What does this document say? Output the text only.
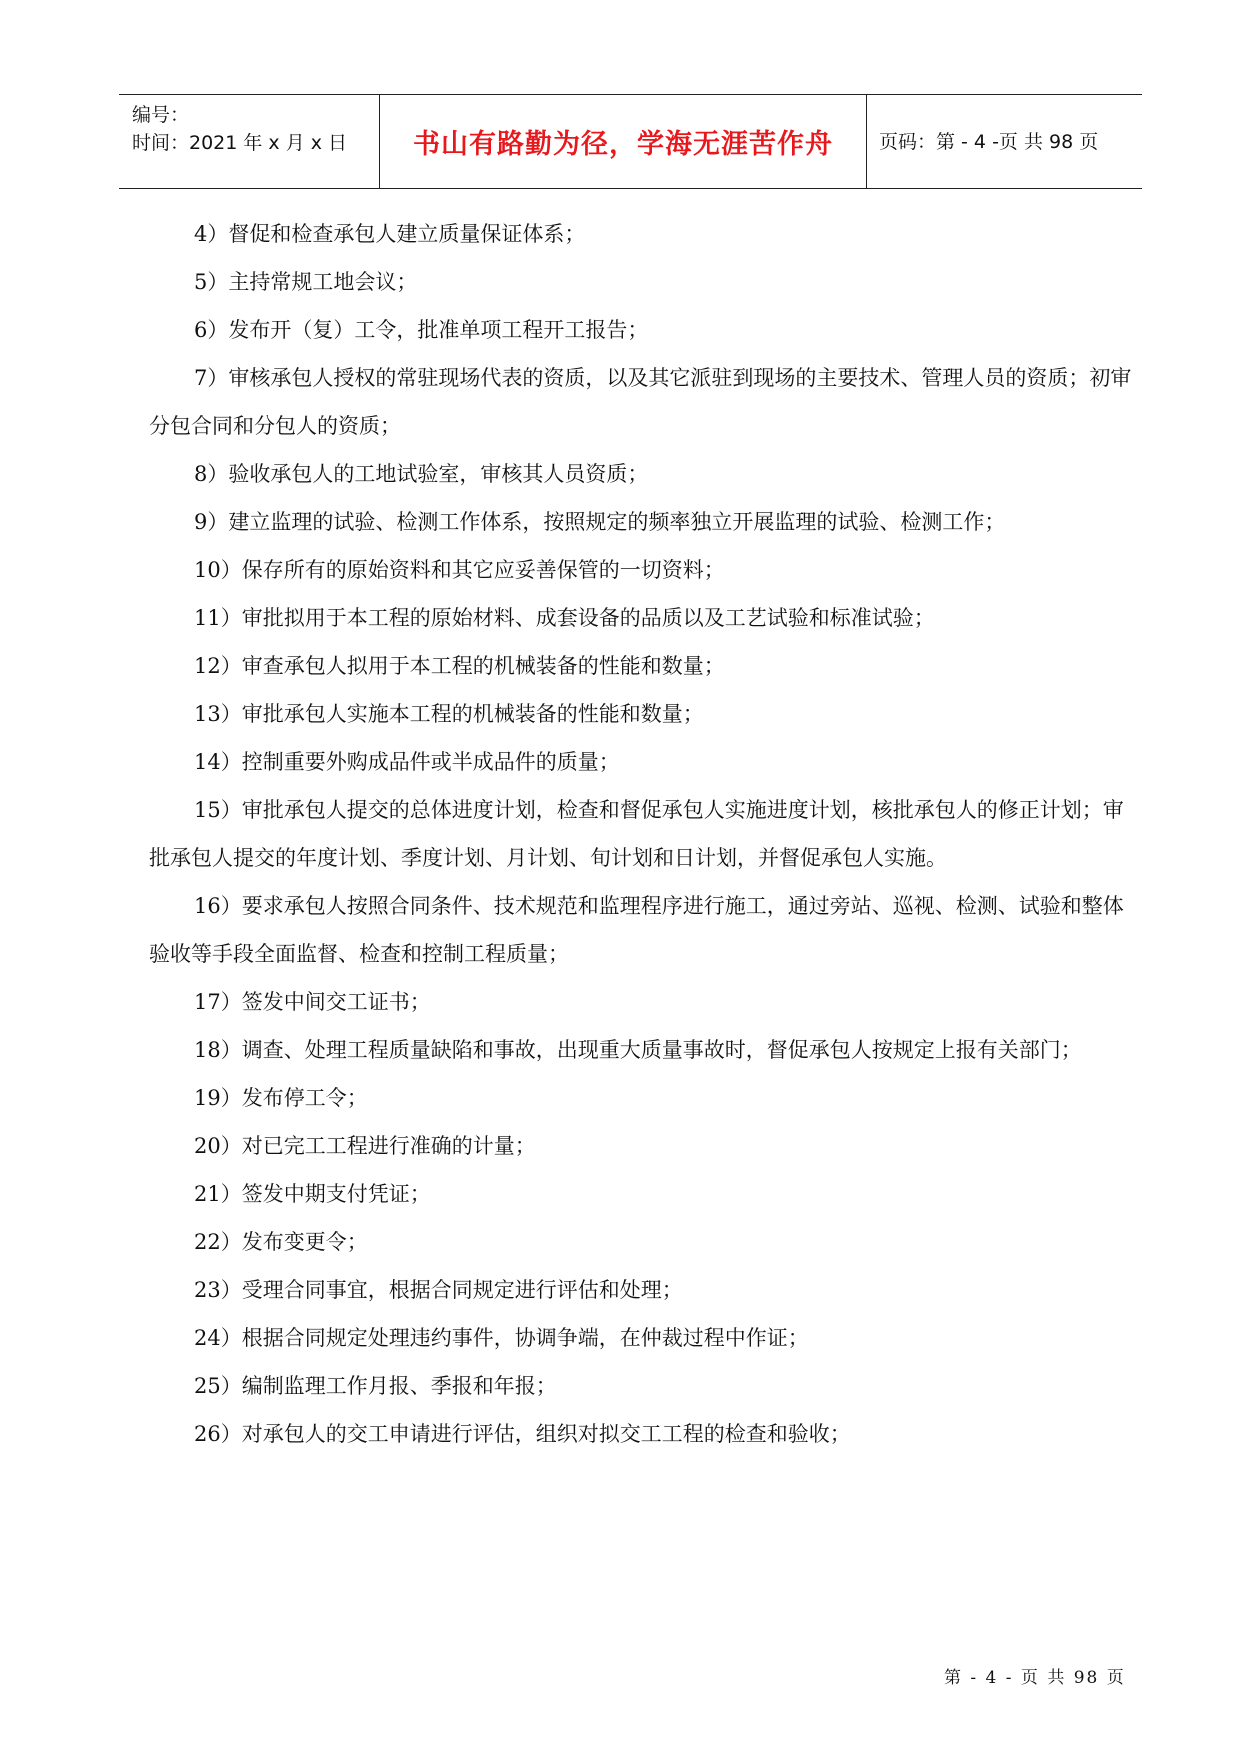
编号：
时间：2021 年 x 月 x 日	书山有路勤为径，学海无涯苦作舟 页码：第 - 4 -页 共 98 页

4）督促和检查承包人建立质量保证体系；

5）主持常规工地会议；

6）发布开（复）工令，批准单项工程开工报告；

7）审核承包人授权的常驻现场代表的资质，以及其它派驻到现场的主要技术、管理人员的资质；初审分包合同和分包人的资质；

8）验收承包人的工地试验室，审核其人员资质；

9）建立监理的试验、检测工作体系，按照规定的频率独立开展监理的试验、检测工作；

10）保存所有的原始资料和其它应妥善保管的一切资料；

11）审批拟用于本工程的原始材料、成套设备的品质以及工艺试验和标准试验；

12）审查承包人拟用于本工程的机械装备的性能和数量；

13）审批承包人实施本工程的机械装备的性能和数量；

14）控制重要外购成品件或半成品件的质量；

15）审批承包人提交的总体进度计划，检查和督促承包人实施进度计划，核批承包人的修正计划；审批承包人提交的年度计划、季度计划、月计划、旬计划和日计划，并督促承包人实施。

16）要求承包人按照合同条件、技术规范和监理程序进行施工，通过旁站、巡视、检测、试验和整体验收等手段全面监督、检查和控制工程质量；

17）签发中间交工证书；

18）调查、处理工程质量缺陷和事故，出现重大质量事故时，督促承包人按规定上报有关部门；

19）发布停工令；

20）对已完工工程进行准确的计量；

21）签发中期支付凭证；

22）发布变更令；

23）受理合同事宜，根据合同规定进行评估和处理；

24）根据合同规定处理违约事件，协调争端，在仲裁过程中作证；

25）编制监理工作月报、季报和年报；

26）对承包人的交工申请进行评估，组织对拟交工工程的检查和验收；

第 - 4 - 页 共 98 页
